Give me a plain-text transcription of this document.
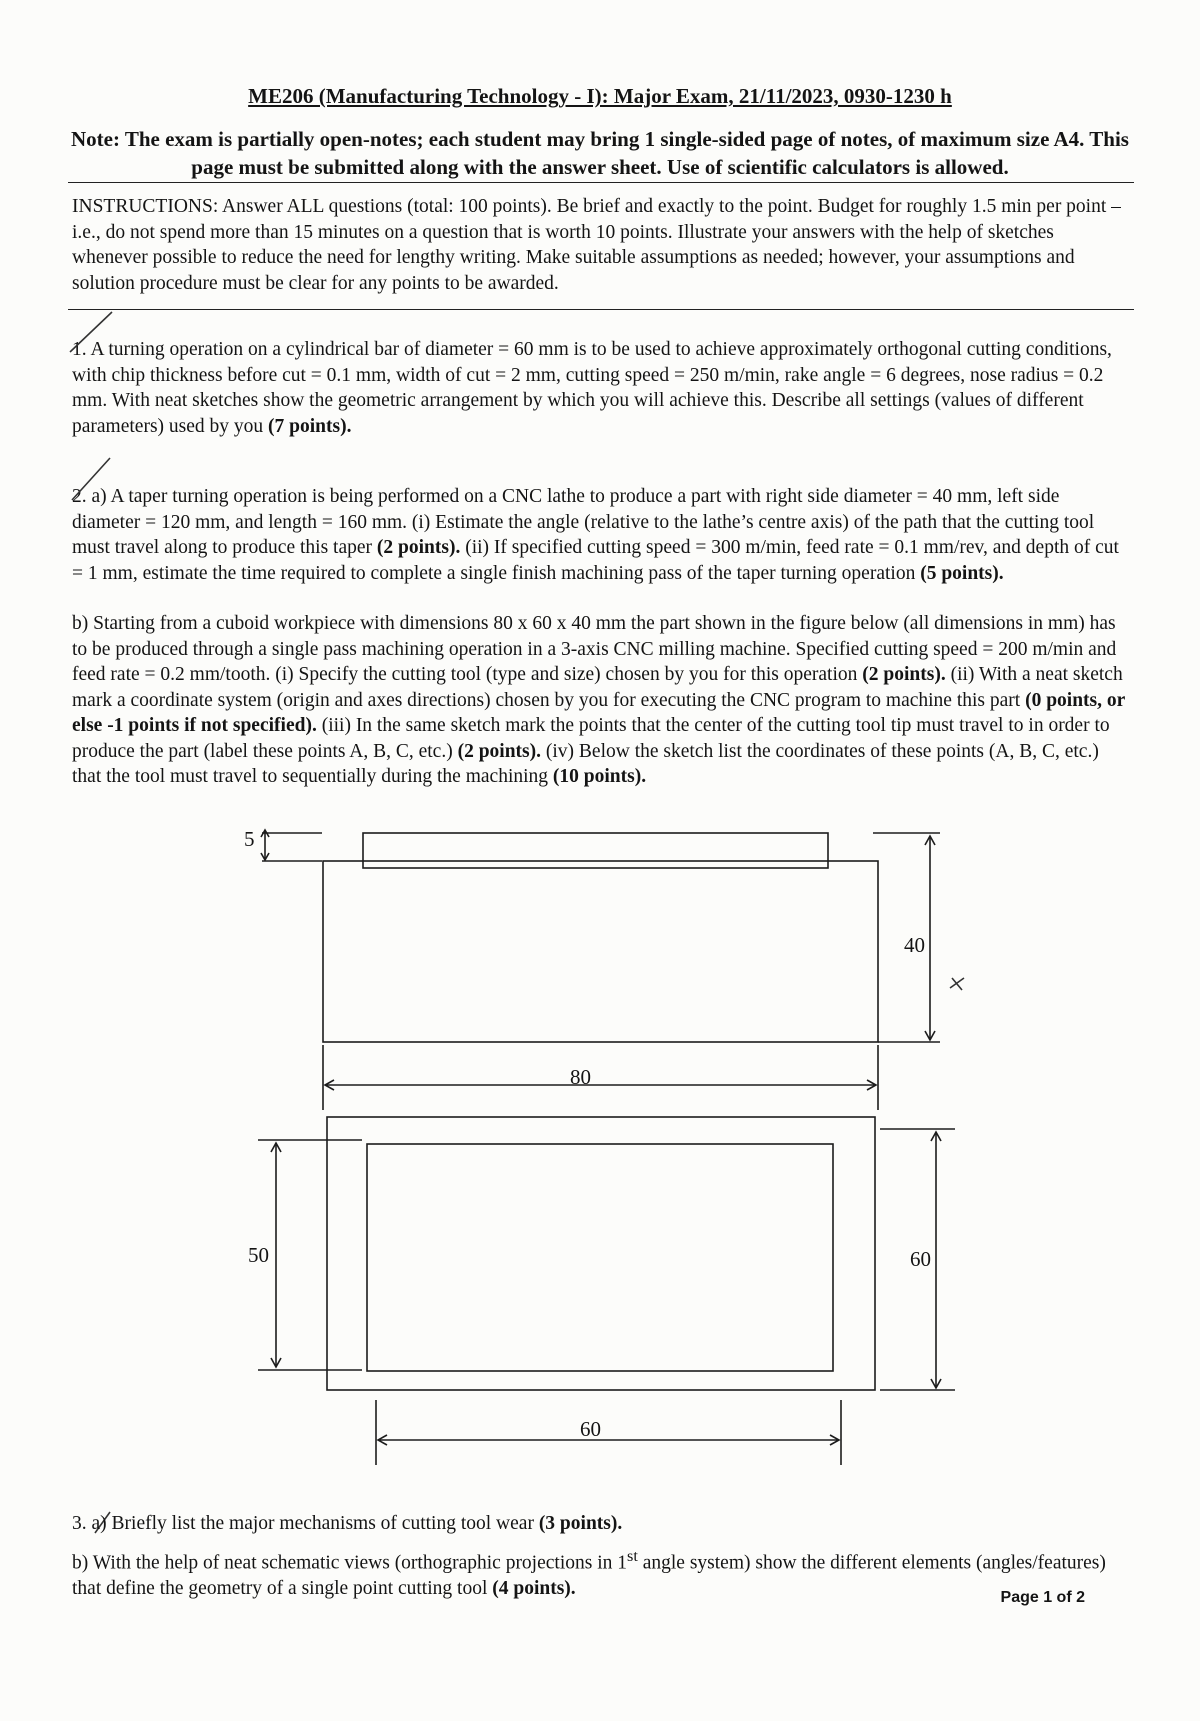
ME206 (Manufacturing Technology - I): Major Exam, 21/11/2023, 0930-1230 h
Note: The exam is partially open-notes; each student may bring 1 single-sided page of notes, of maximum size A4. This page must be submitted along with the answer sheet. Use of scientific calculators is allowed.
INSTRUCTIONS: Answer ALL questions (total: 100 points). Be brief and exactly to the point. Budget for roughly 1.5 min per point – i.e., do not spend more than 15 minutes on a question that is worth 10 points. Illustrate your answers with the help of sketches whenever possible to reduce the need for lengthy writing. Make suitable assumptions as needed; however, your assumptions and solution procedure must be clear for any points to be awarded.
1. A turning operation on a cylindrical bar of diameter = 60 mm is to be used to achieve approximately orthogonal cutting conditions, with chip thickness before cut = 0.1 mm, width of cut = 2 mm, cutting speed = 250 m/min, rake angle = 6 degrees, nose radius = 0.2 mm. With neat sketches show the geometric arrangement by which you will achieve this. Describe all settings (values of different parameters) used by you (7 points).
2. a) A taper turning operation is being performed on a CNC lathe to produce a part with right side diameter = 40 mm, left side diameter = 120 mm, and length = 160 mm. (i) Estimate the angle (relative to the lathe’s centre axis) of the path that the cutting tool must travel along to produce this taper (2 points). (ii) If specified cutting speed = 300 m/min, feed rate = 0.1 mm/rev, and depth of cut = 1 mm, estimate the time required to complete a single finish machining pass of the taper turning operation (5 points).
b) Starting from a cuboid workpiece with dimensions 80 x 60 x 40 mm the part shown in the figure below (all dimensions in mm) has to be produced through a single pass machining operation in a 3-axis CNC milling machine. Specified cutting speed = 200 m/min and feed rate = 0.2 mm/tooth. (i) Specify the cutting tool (type and size) chosen by you for this operation (2 points). (ii) With a neat sketch mark a coordinate system (origin and axes directions) chosen by you for executing the CNC program to machine this part (0 points, or else -1 points if not specified). (iii) In the same sketch mark the points that the center of the cutting tool tip must travel to in order to produce the part (label these points A, B, C, etc.) (2 points). (iv) Below the sketch list the coordinates of these points (A, B, C, etc.) that the tool must travel to sequentially during the machining (10 points).
5
40
80
50	60
60
3. a) Briefly list the major mechanisms of cutting tool wear (3 points).
b) With the help of neat schematic views (orthographic projections in 1st angle system) show the different elements (angles/features) that define the geometry of a single point cutting tool (4 points).	Page 1 of 2
